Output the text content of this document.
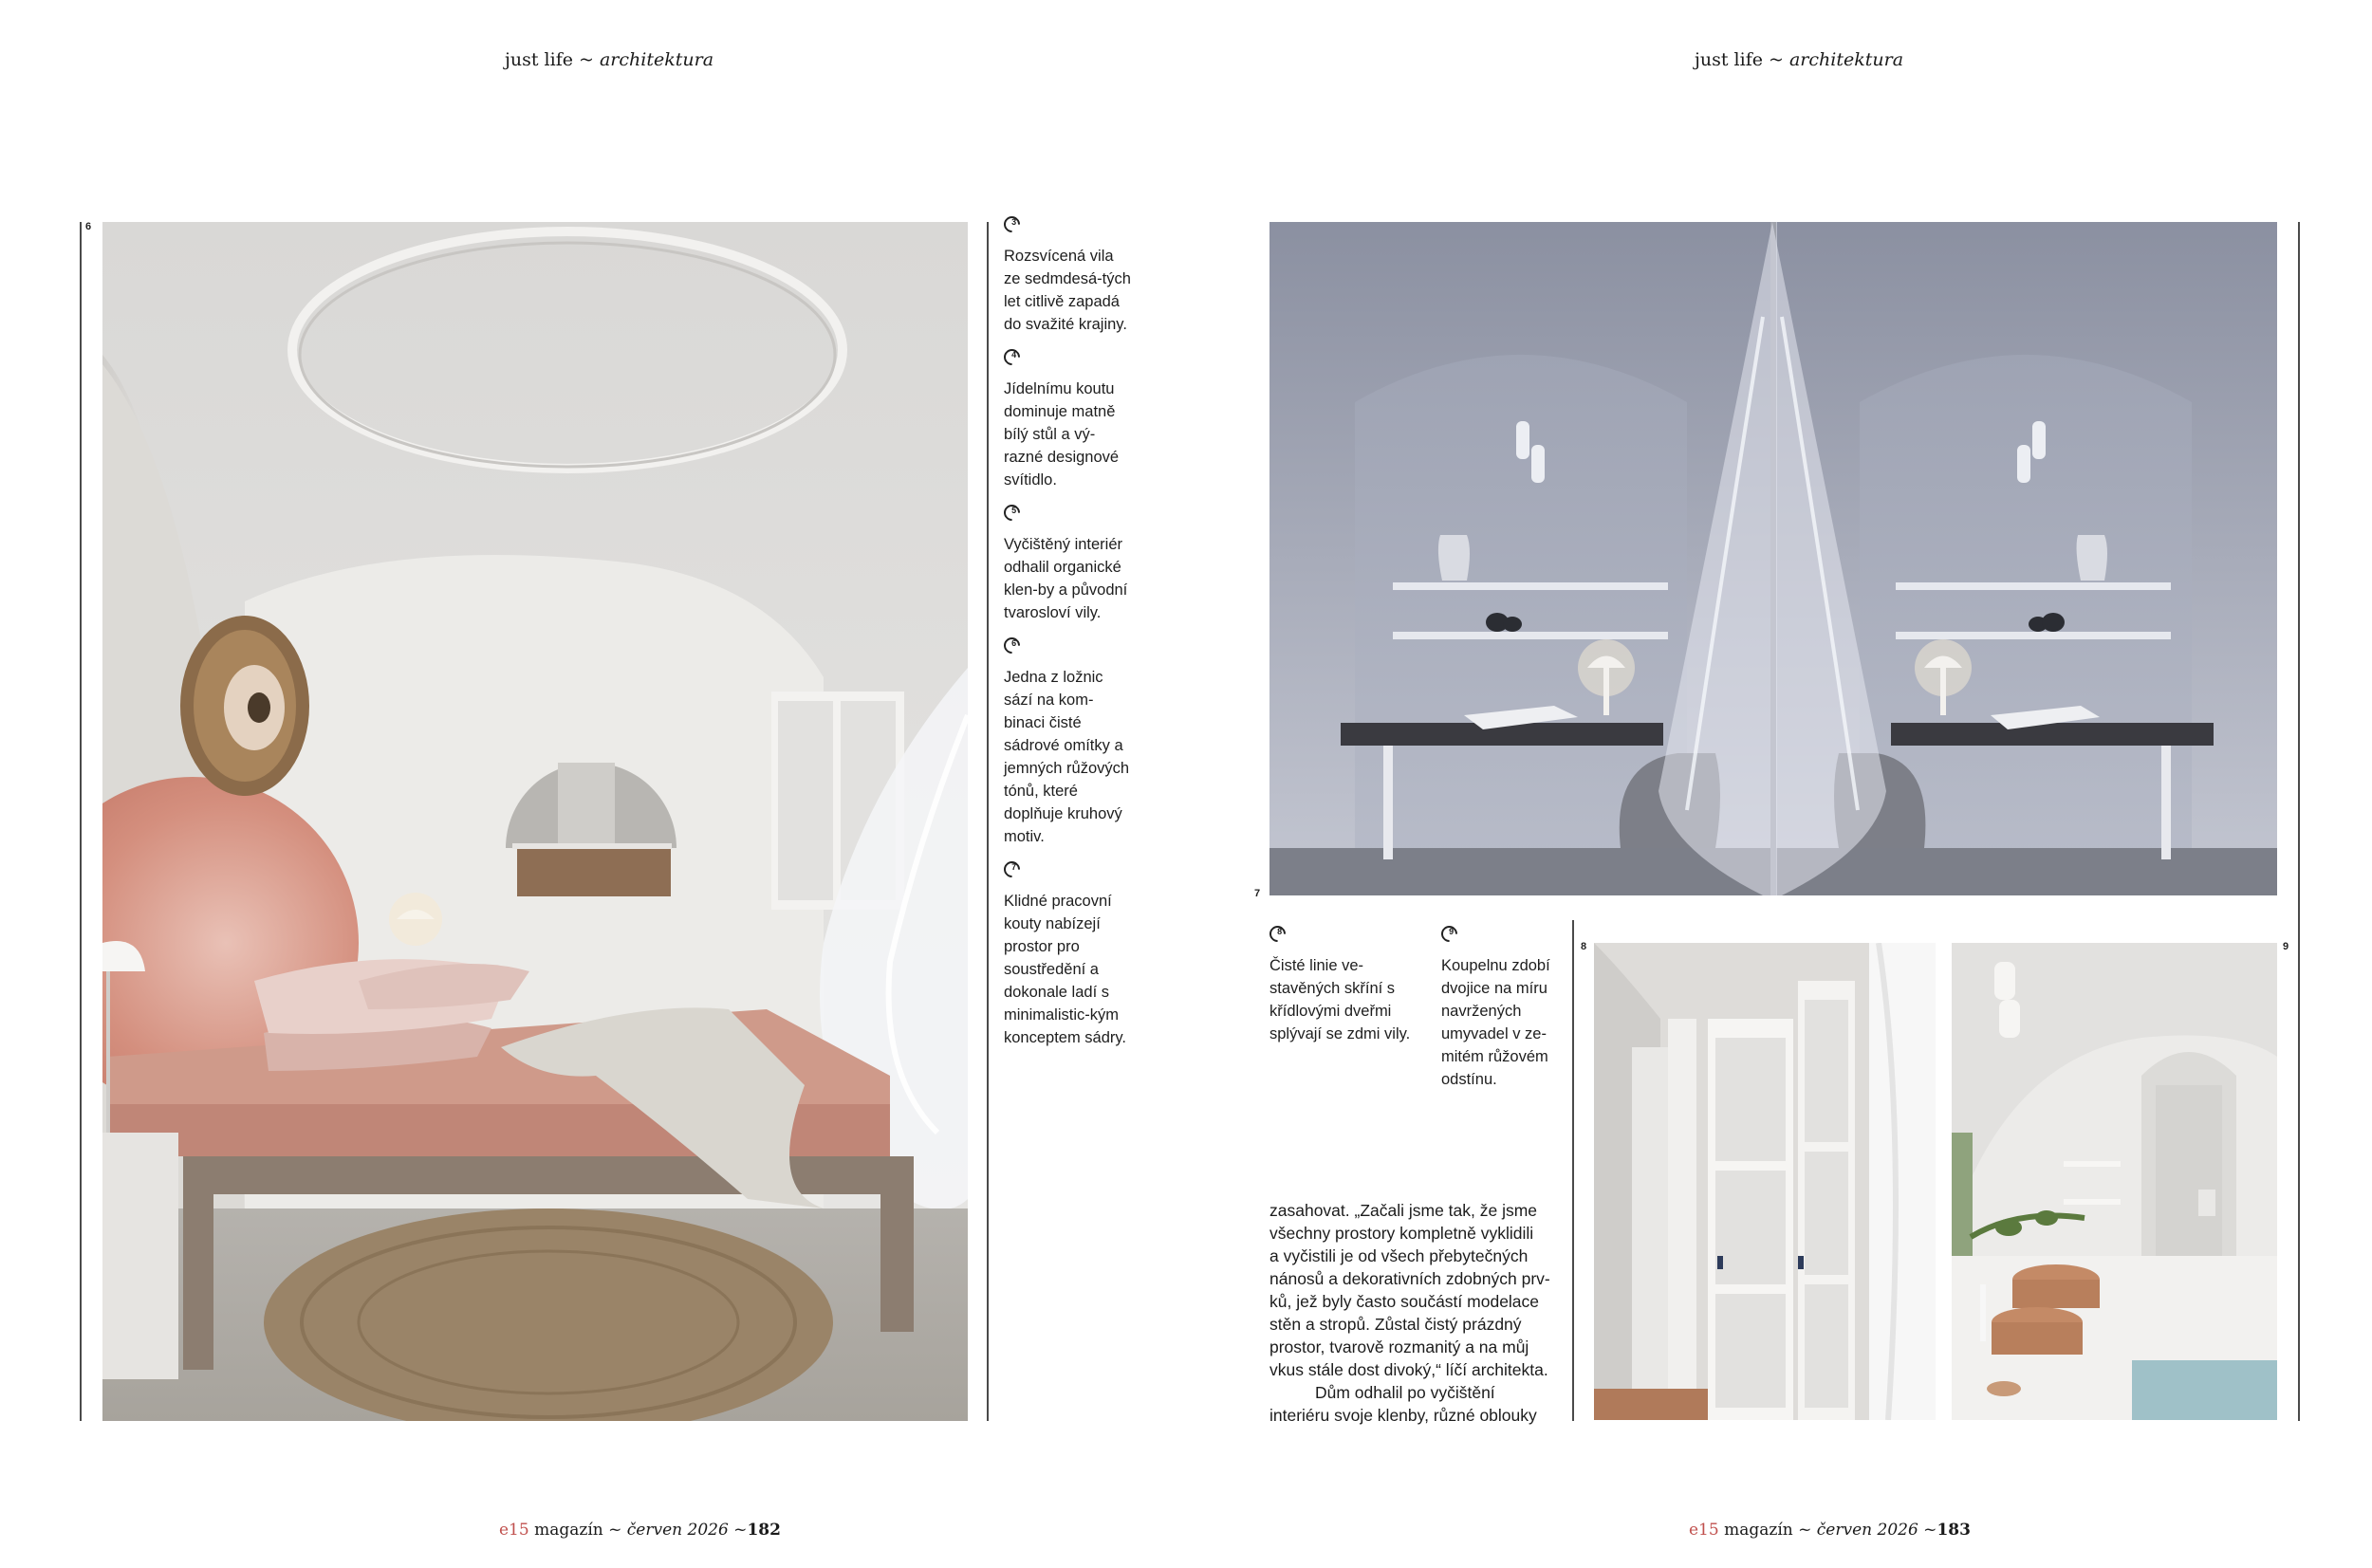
just life ~ architektura
6	3

Rozsvícená vila ze sedmdesá-tých let citlivě zapadá do svažité krajiny.

4

Jídelnímu koutu dominuje matně bílý stůl a vý-razné designové svítidlo.

5

Vyčištěný interiér odhalil organické klen-by a původní tvarosloví vily.

6

Jedna z ložnic sází na kom-binaci čisté sádrové omítky a jemných růžových tónů, které doplňuje kruhový motiv.

7

Klidné pracovní kouty nabízejí prostor pro soustředění a dokonale ladí s minimalistic-kým konceptem sádry.

e15 magazín ~ červen 2026 ~182
just life ~ architektura
7
8

Čisté linie ve-stavěných skříní s křídlovými dveřmi splývají se zdmi vily.

9

Koupelnu zdobí dvojice na míru navržených umyvadel v ze-mitém růžovém odstínu.

zasahovat. „Začali jsme tak, že jsme

všechny prostory kompletně vyklidili

a vyčistili je od všech přebytečných

nánosů a dekorativních zdobných prv-

ků, jež byly často součástí modelace

stěn a stropů. Zůstal čistý prázdný

prostor, tvarově rozmanitý a na můj

vkus stále dost divoký,“ líčí architekta.

Dům odhalil po vyčištění

interiéru svoje klenby, různé oblouky

8	9
e15 magazín ~ červen 2026 ~183
